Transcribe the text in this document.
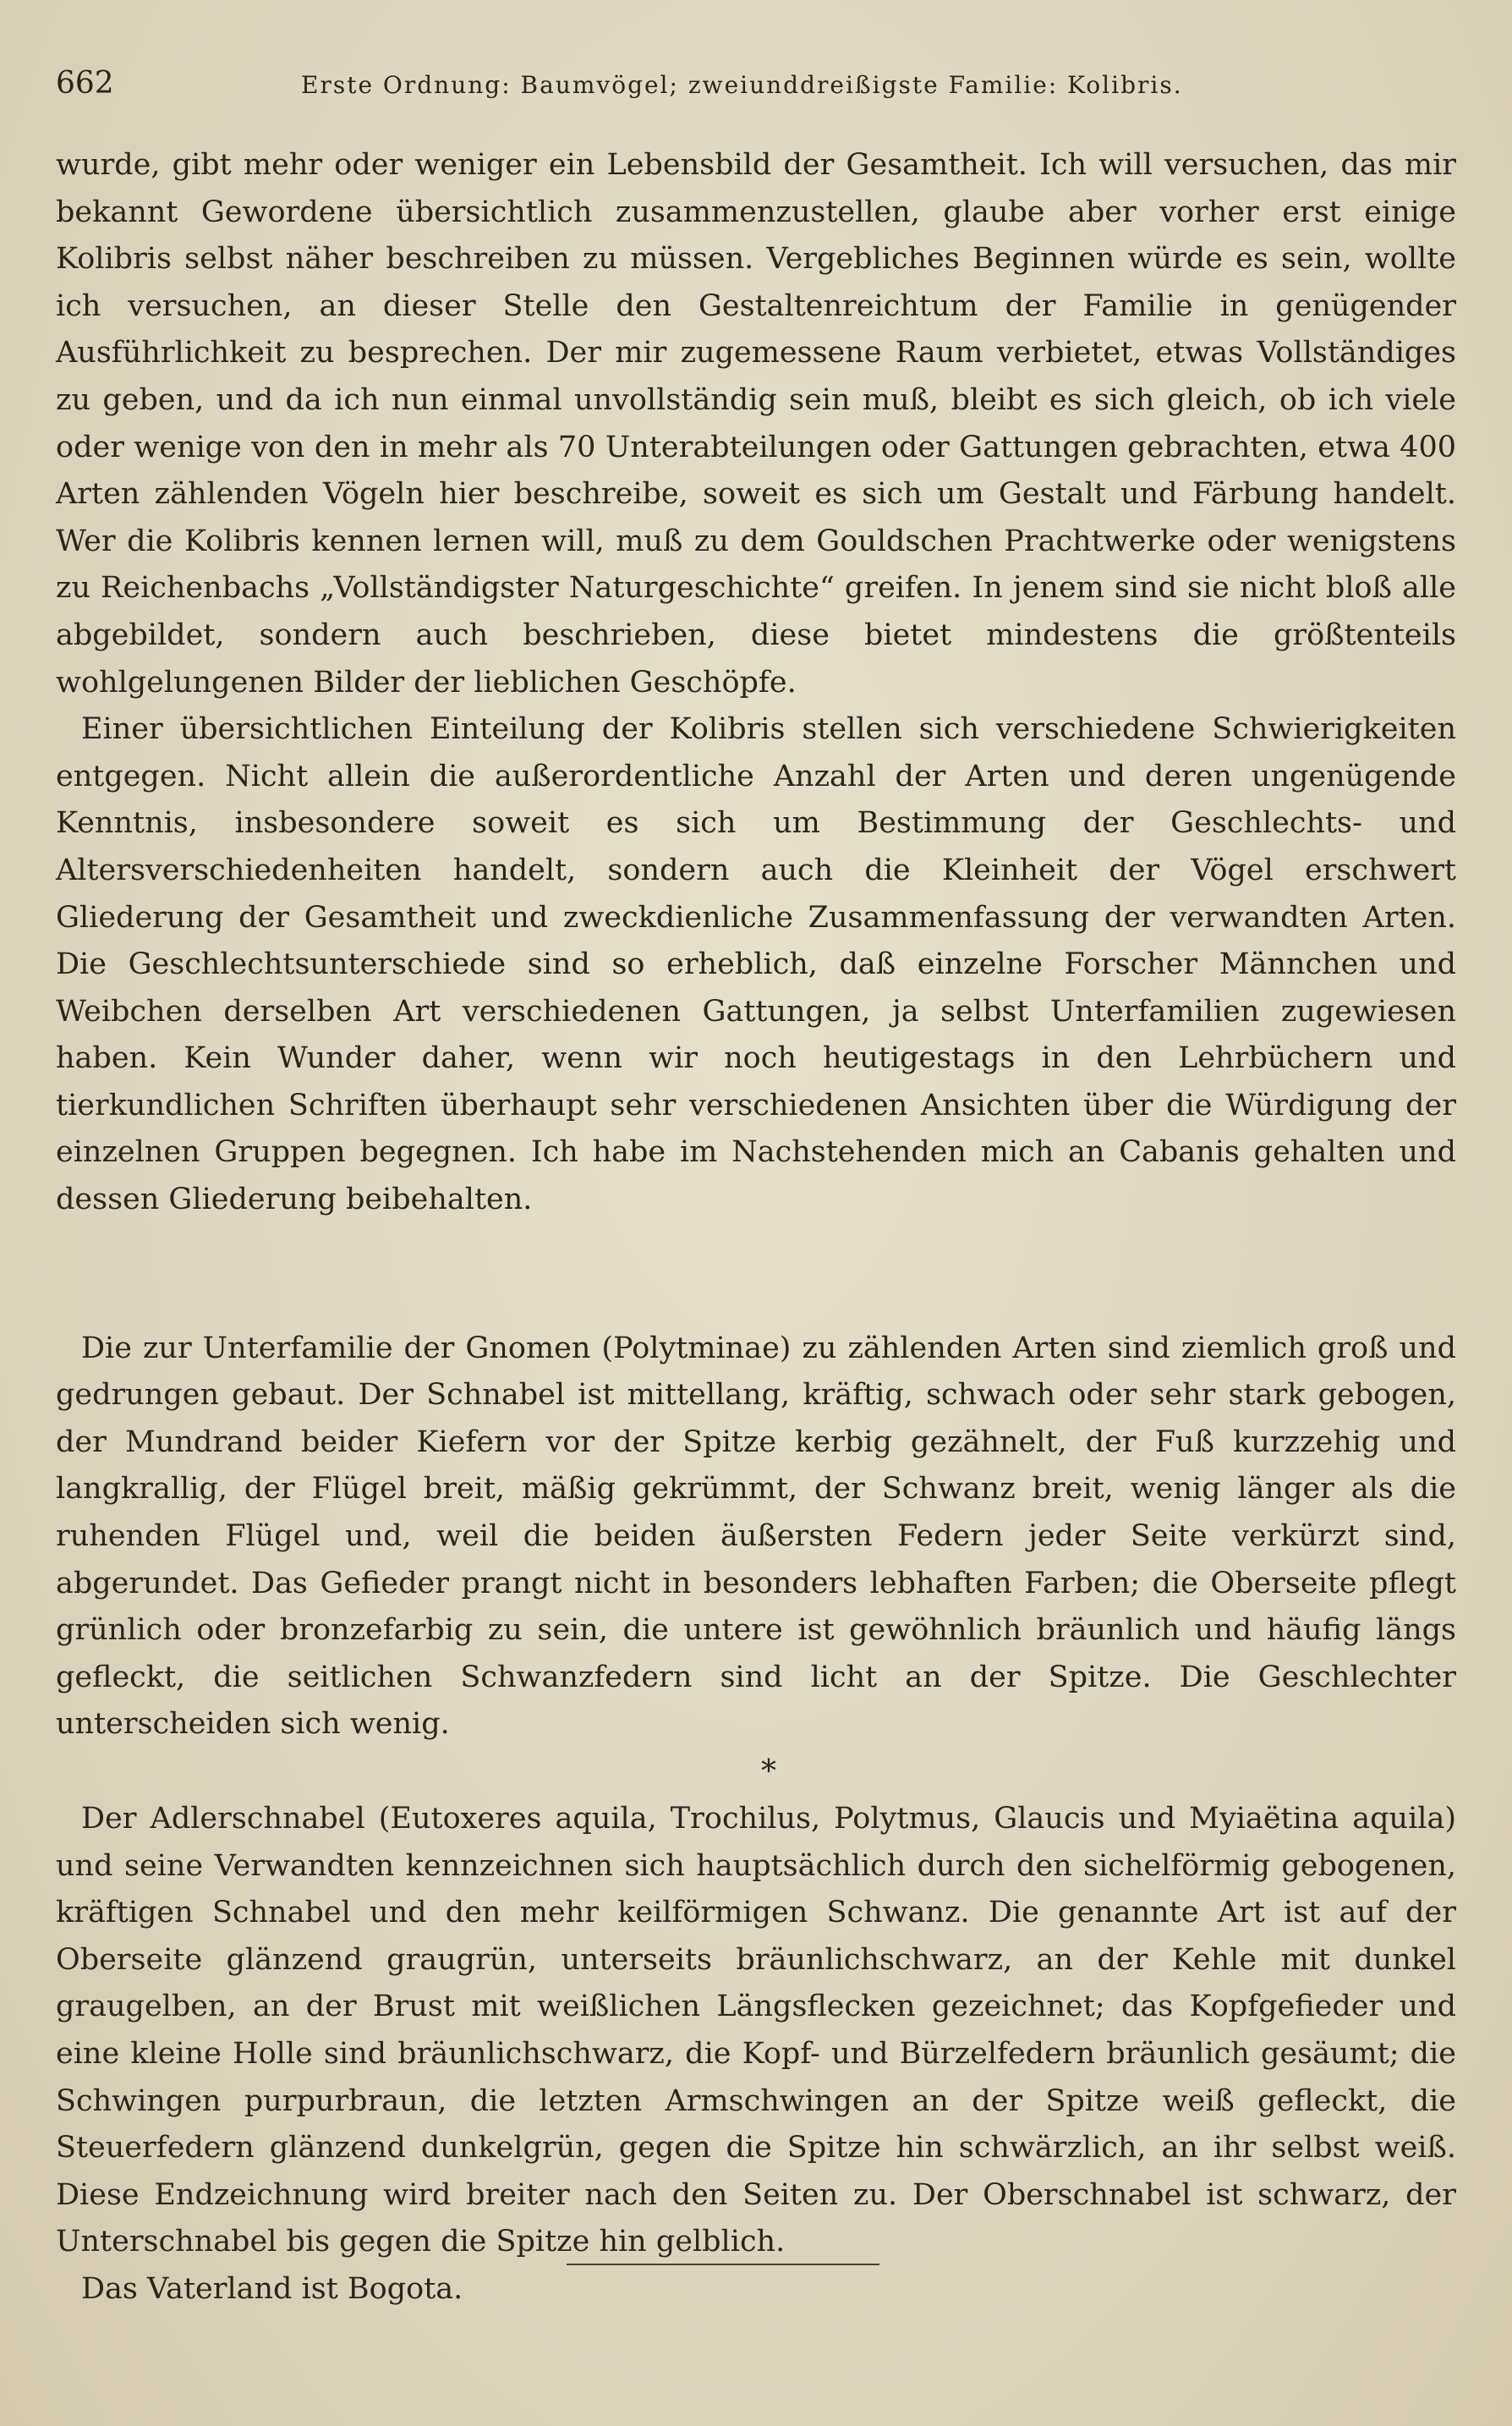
662	Erste Ordnung: Baumvögel; zweiunddreißigste Familie: Kolibris.

wurde, gibt mehr oder weniger ein Lebensbild der Gesamtheit. Ich will versuchen, das mir bekannt Gewordene übersichtlich zusammenzustellen, glaube aber vorher erst einige Kolibris selbst näher beschreiben zu müssen. Vergebliches Beginnen würde es sein, wollte ich versuchen, an dieser Stelle den Gestaltenreichtum der Familie in genügender Ausführlichkeit zu besprechen. Der mir zugemessene Raum verbietet, etwas Vollständiges zu geben, und da ich nun einmal unvollständig sein muß, bleibt es sich gleich, ob ich viele oder wenige von den in mehr als 70 Unterabteilungen oder Gattungen gebrachten, etwa 400 Arten zählenden Vögeln hier beschreibe, soweit es sich um Gestalt und Färbung handelt. Wer die Kolibris kennen lernen will, muß zu dem Gouldschen Prachtwerke oder wenigstens zu Reichenbachs „Vollständigster Naturgeschichte“ greifen. In jenem sind sie nicht bloß alle abgebildet, sondern auch beschrieben, diese bietet mindestens die größtenteils wohlgelungenen Bilder der lieblichen Geschöpfe.

Einer übersichtlichen Einteilung der Kolibris stellen sich verschiedene Schwierigkeiten entgegen. Nicht allein die außerordentliche Anzahl der Arten und deren ungenügende Kenntnis, insbesondere soweit es sich um Bestimmung der Geschlechts- und Altersverschiedenheiten handelt, sondern auch die Kleinheit der Vögel erschwert Gliederung der Gesamtheit und zweckdienliche Zusammenfassung der verwandten Arten. Die Geschlechtsunterschiede sind so erheblich, daß einzelne Forscher Männchen und Weibchen derselben Art verschiedenen Gattungen, ja selbst Unterfamilien zugewiesen haben. Kein Wunder daher, wenn wir noch heutigestags in den Lehrbüchern und tierkundlichen Schriften überhaupt sehr verschiedenen Ansichten über die Würdigung der einzelnen Gruppen begegnen. Ich habe im Nachstehenden mich an Cabanis gehalten und dessen Gliederung beibehalten.

Die zur Unterfamilie der Gnomen (Polytminae) zu zählenden Arten sind ziemlich groß und gedrungen gebaut. Der Schnabel ist mittellang, kräftig, schwach oder sehr stark gebogen, der Mundrand beider Kiefern vor der Spitze kerbig gezähnelt, der Fuß kurzzehig und langkrallig, der Flügel breit, mäßig gekrümmt, der Schwanz breit, wenig länger als die ruhenden Flügel und, weil die beiden äußersten Federn jeder Seite verkürzt sind, abgerundet. Das Gefieder prangt nicht in besonders lebhaften Farben; die Oberseite pflegt grünlich oder bronzefarbig zu sein, die untere ist gewöhnlich bräunlich und häufig längs gefleckt, die seitlichen Schwanzfedern sind licht an der Spitze. Die Geschlechter unterscheiden sich wenig.

*

Der Adlerschnabel (Eutoxeres aquila, Trochilus, Polytmus, Glaucis und Myiaëtina aquila) und seine Verwandten kennzeichnen sich hauptsächlich durch den sichelförmig gebogenen, kräftigen Schnabel und den mehr keilförmigen Schwanz. Die genannte Art ist auf der Oberseite glänzend graugrün, unterseits bräunlichschwarz, an der Kehle mit dunkel graugelben, an der Brust mit weißlichen Längsflecken gezeichnet; das Kopfgefieder und eine kleine Holle sind bräunlichschwarz, die Kopf- und Bürzelfedern bräunlich gesäumt; die Schwingen purpurbraun, die letzten Armschwingen an der Spitze weiß gefleckt, die Steuerfedern glänzend dunkelgrün, gegen die Spitze hin schwärzlich, an ihr selbst weiß. Diese Endzeichnung wird breiter nach den Seiten zu. Der Oberschnabel ist schwarz, der Unterschnabel bis gegen die Spitze hin gelblich.

Das Vaterland ist Bogota.
